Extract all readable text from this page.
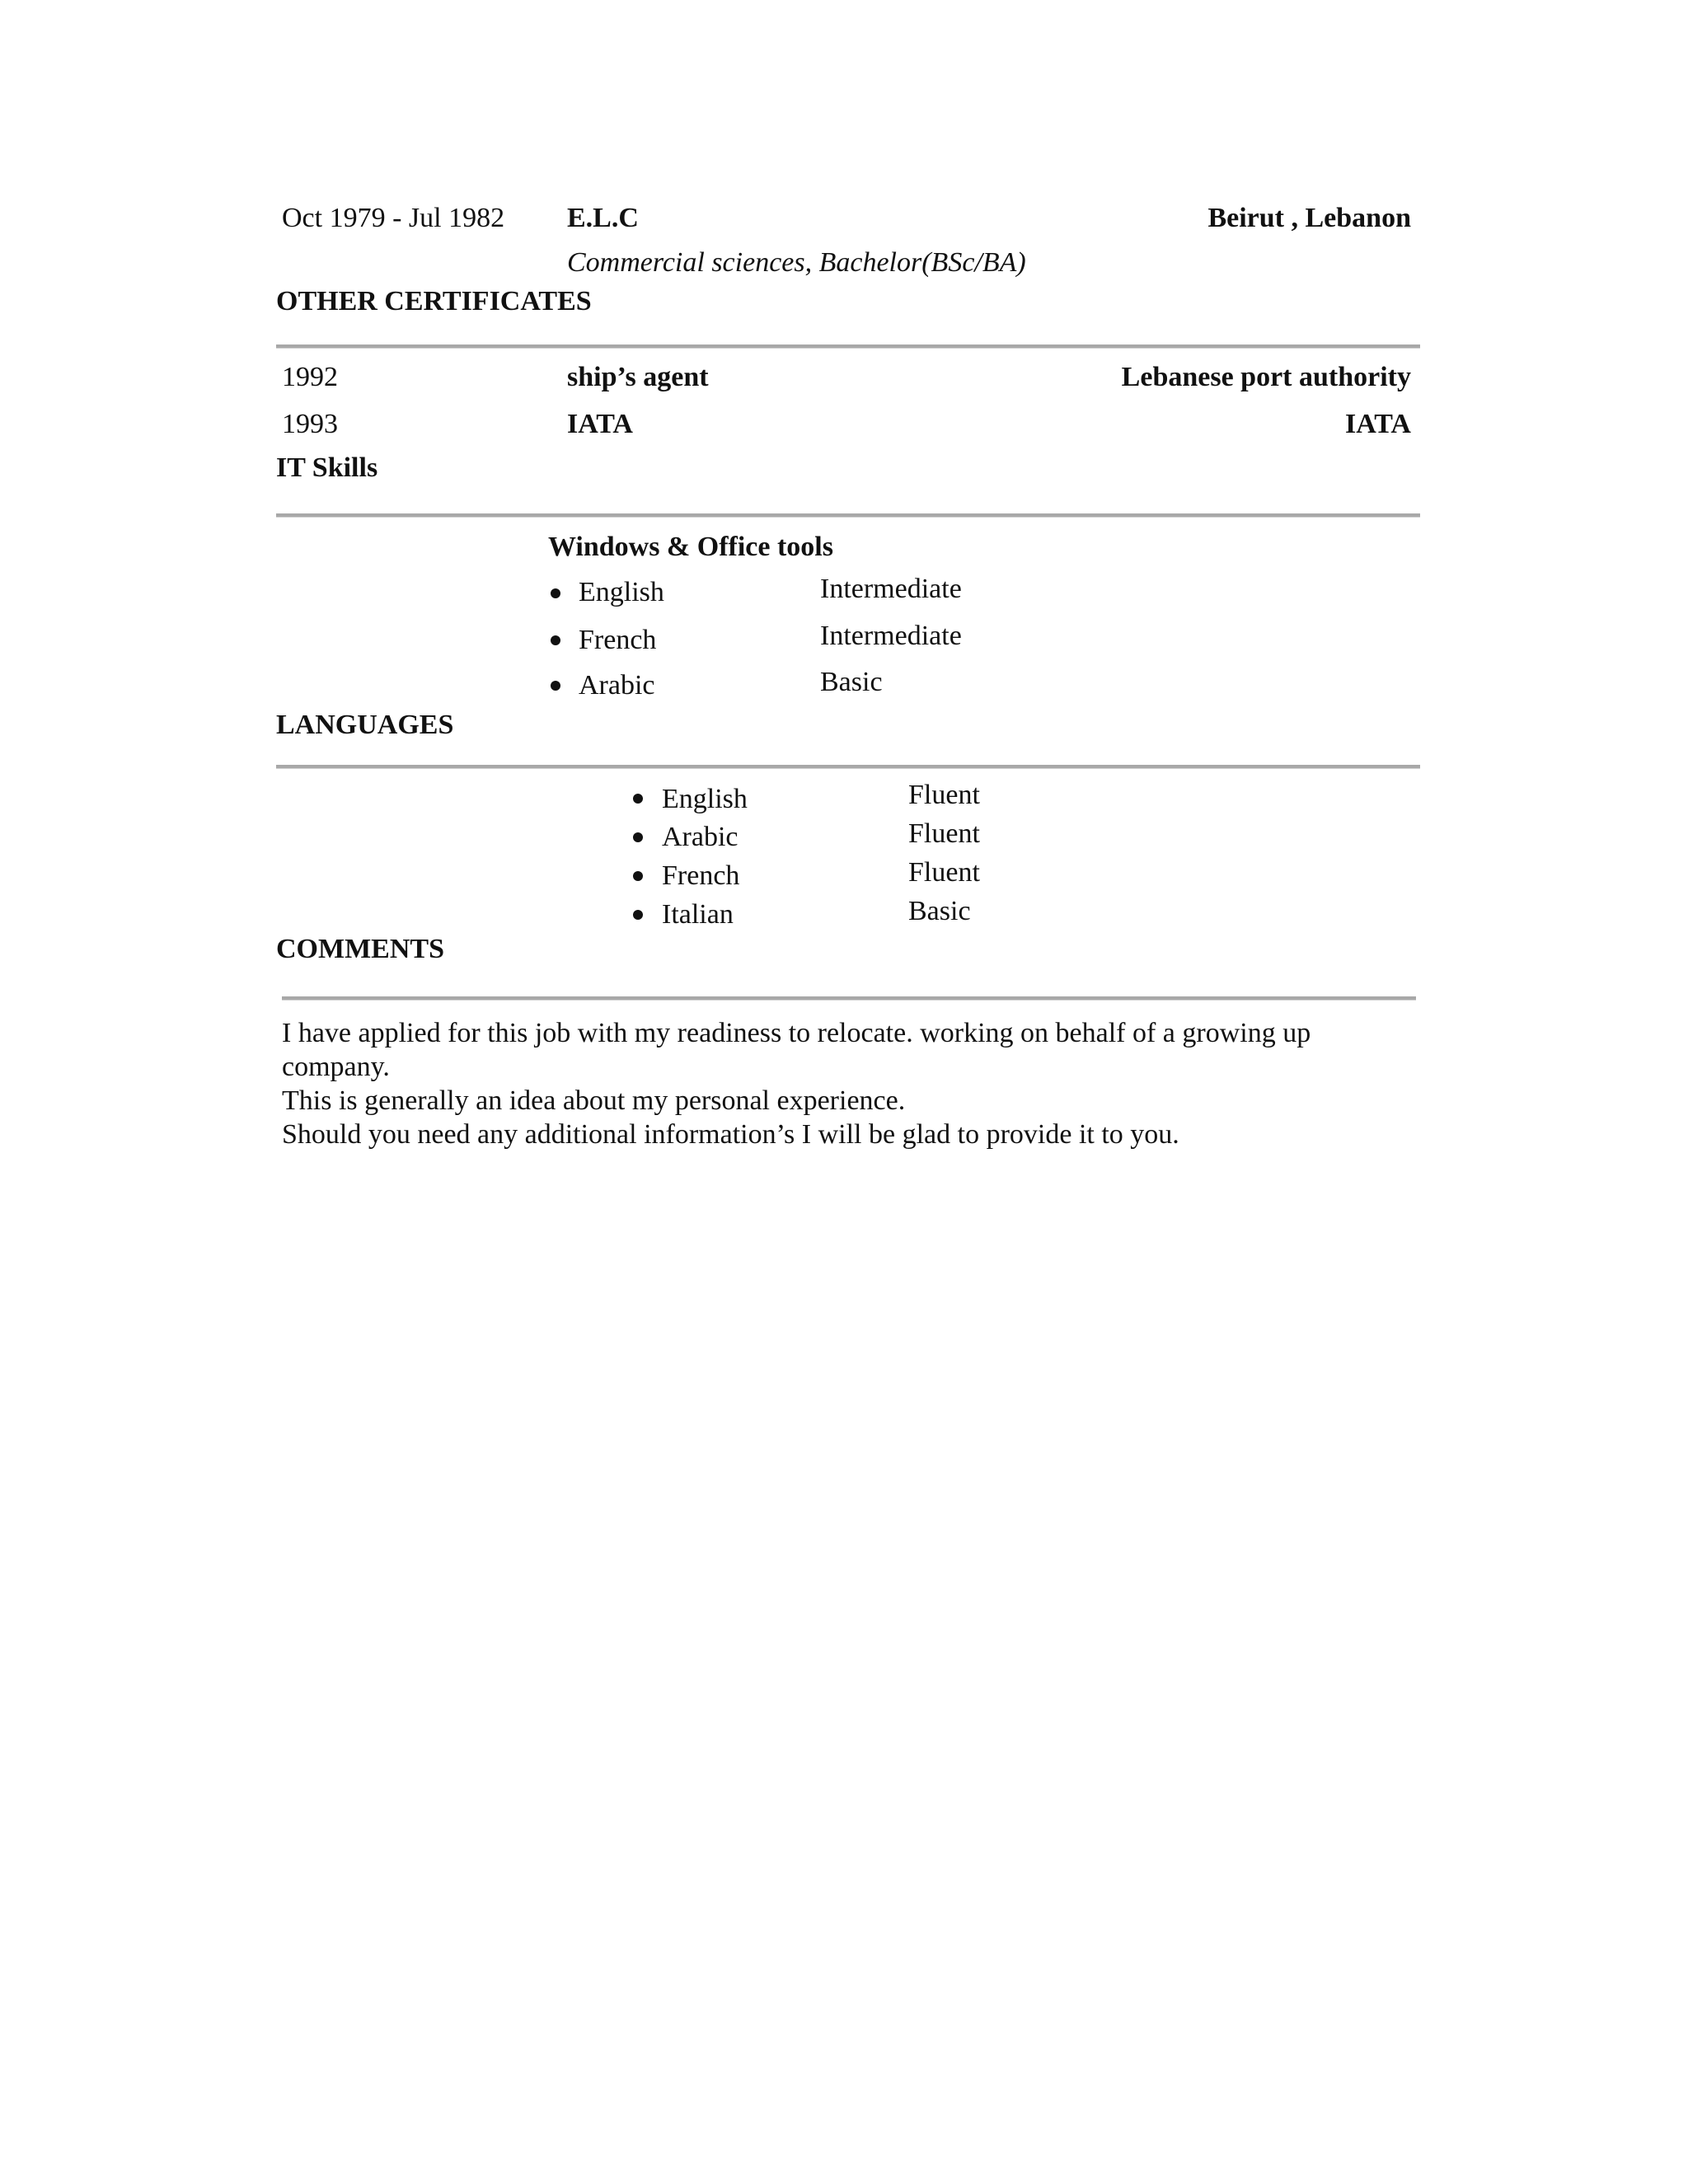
Oct 1979 - Jul 1982 E.L.C	Beirut , Lebanon
Commercial sciences, Bachelor(BSc/BA)
OTHER CERTIFICATES
1992	ship’s agent	Lebanese port authority
1993	IATA	IATA
IT Skills
Windows & Office tools
English	Intermediate
French	Intermediate
Arabic	Basic
LANGUAGES
English	Fluent
Arabic	Fluent
French	Fluent
Italian	Basic
COMMENTS
I have applied for this job with my readiness to relocate. working on behalf of a growing up company.
This is generally an idea about my personal experience.
Should you need any additional information’s I will be glad to provide it to you.
